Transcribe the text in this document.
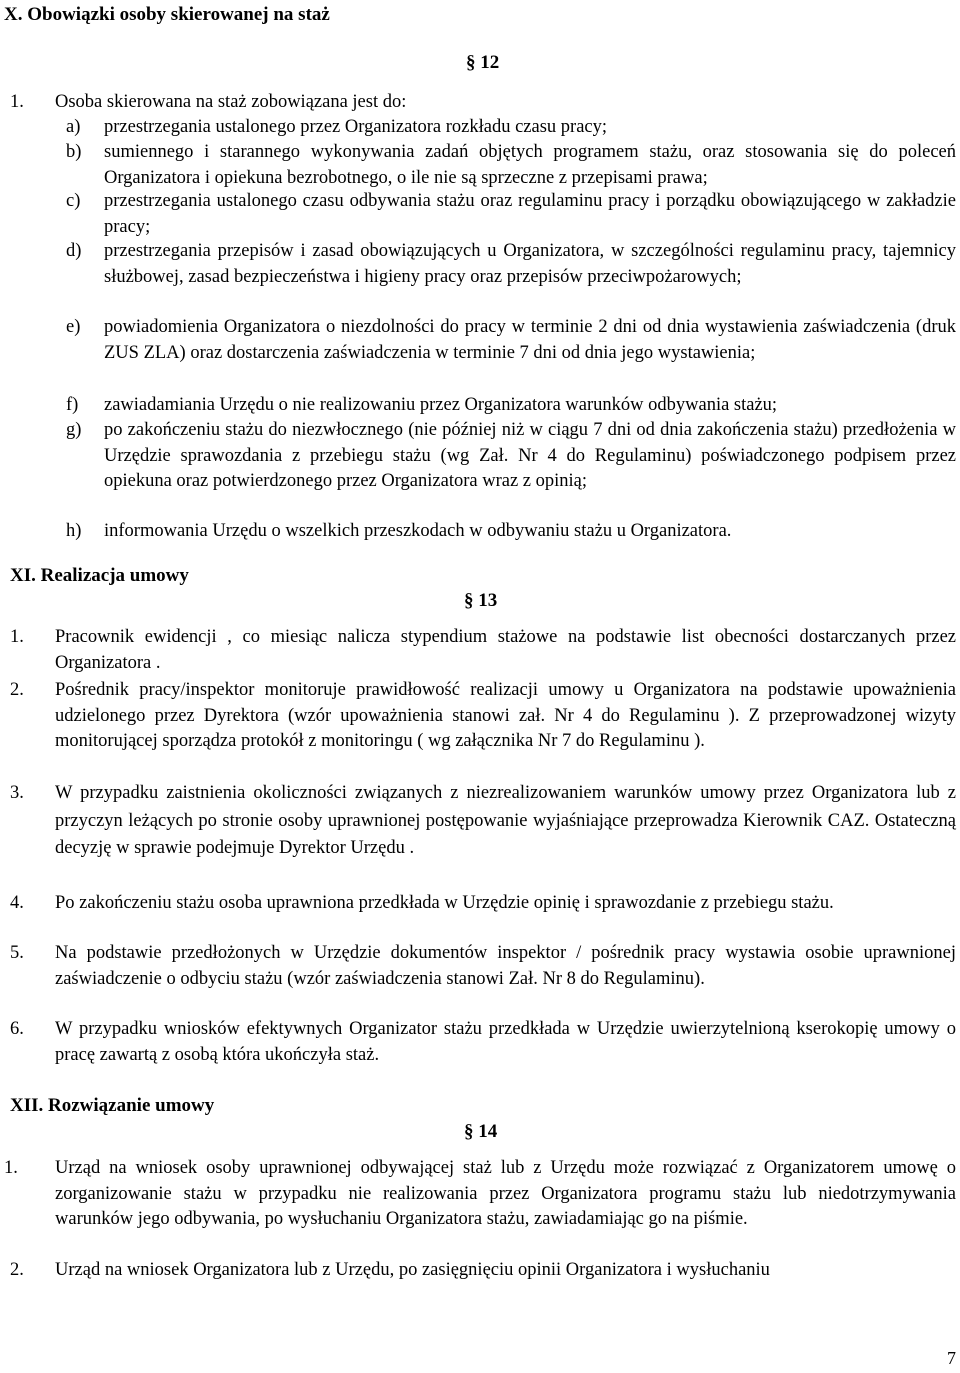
X. Obowiązki osoby skierowanej na staż
§ 12
1. Osoba skierowana na staż zobowiązana jest do:
a) przestrzegania ustalonego przez Organizatora rozkładu czasu pracy;
b) sumiennego i starannego wykonywania zadań objętych programem stażu, oraz stosowania się do poleceń Organizatora i opiekuna bezrobotnego, o ile nie są sprzeczne z przepisami prawa;
c) przestrzegania ustalonego czasu odbywania stażu oraz regulaminu pracy i porządku obowiązującego w zakładzie pracy;
d) przestrzegania przepisów i zasad obowiązujących u Organizatora, w szczególności regulaminu pracy, tajemnicy służbowej, zasad bezpieczeństwa i higieny pracy oraz przepisów przeciwpożarowych;
e) powiadomienia Organizatora o niezdolności do pracy w terminie 2 dni od dnia wystawienia zaświadczenia (druk ZUS ZLA) oraz dostarczenia zaświadczenia w terminie 7 dni od dnia jego wystawienia;
f) zawiadamiania Urzędu o nie realizowaniu przez Organizatora warunków odbywania stażu;
g) po zakończeniu stażu do niezwłocznego (nie później niż w ciągu 7 dni od dnia zakończenia stażu) przedłożenia w Urzędzie sprawozdania z przebiegu stażu (wg Zał. Nr 4 do Regulaminu) poświadczonego podpisem przez opiekuna oraz potwierdzonego przez Organizatora wraz z opinią;
h) informowania Urzędu o wszelkich przeszkodach w odbywaniu stażu u Organizatora.
XI. Realizacja umowy
§ 13
1. Pracownik ewidencji , co miesiąc nalicza stypendium stażowe na podstawie list obecności dostarczanych przez Organizatora .
2. Pośrednik pracy/inspektor monitoruje prawidłowość realizacji umowy u Organizatora na podstawie upoważnienia udzielonego przez Dyrektora (wzór upoważnienia stanowi zał. Nr 4 do Regulaminu ). Z przeprowadzonej wizyty monitorującej sporządza protokół z monitoringu ( wg załącznika Nr 7 do Regulaminu ).
3. W przypadku zaistnienia okoliczności związanych z niezrealizowaniem warunków umowy przez Organizatora lub z przyczyn leżących po stronie osoby uprawnionej postępowanie wyjaśniające przeprowadza Kierownik CAZ. Ostateczną decyzję w sprawie podejmuje Dyrektor Urzędu .
4. Po zakończeniu stażu osoba uprawniona przedkłada w Urzędzie opinię i sprawozdanie z przebiegu stażu.
5. Na podstawie przedłożonych w Urzędzie dokumentów inspektor / pośrednik pracy wystawia osobie uprawnionej zaświadczenie o odbyciu stażu (wzór zaświadczenia stanowi Zał. Nr 8 do Regulaminu).
6. W przypadku wniosków efektywnych Organizator stażu przedkłada w Urzędzie uwierzytelnioną kserokopię umowy o pracę zawartą z osobą która ukończyła staż.
XII. Rozwiązanie umowy
§ 14
1. Urząd na wniosek osoby uprawnionej odbywającej staż lub z Urzędu może rozwiązać z Organizatorem umowę o zorganizowanie stażu w przypadku nie realizowania przez Organizatora programu stażu lub niedotrzymywania warunków jego odbywania, po wysłuchaniu Organizatora stażu, zawiadamiając go na piśmie.
2. Urząd na wniosek Organizatora lub z Urzędu, po zasięgnięciu opinii Organizatora i wysłuchaniu
7
